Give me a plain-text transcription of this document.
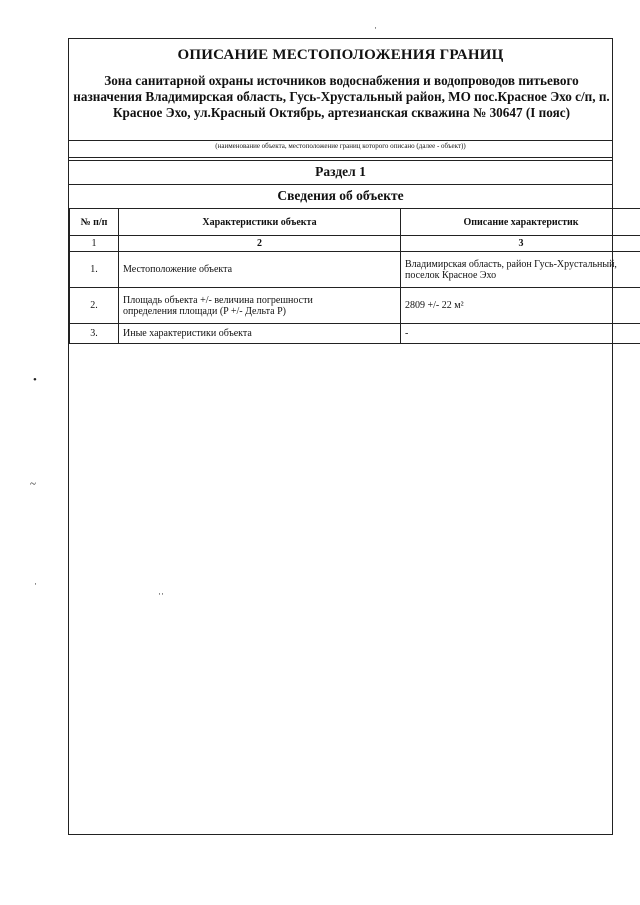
·
•
~
·
··
ОПИСАНИЕ МЕСТОПОЛОЖЕНИЯ ГРАНИЦ
Зона санитарной охраны источников водоснабжения и водопроводов питьевого назначения Владимирская область, Гусь-Хрустальный район, МО пос.Красное Эхо с/п, п. Красное Эхо, ул.Красный Октябрь, артезианская скважина № 30647 (I пояс)
(наименование объекта, местоположение границ которого описано (далее - объект))
Раздел 1
Сведения об объекте
№ п/п	Характеристики объекта	Описание характеристик
1	2	3
1.	Местоположение объекта	Владимирская область, район Гусь-Хрустальный, поселок Красное Эхо
2.	Площадь объекта +/- величина погрешности определения площади (P +/- Дельта P)	2809 +/- 22 м²
3.	Иные характеристики объекта	-
